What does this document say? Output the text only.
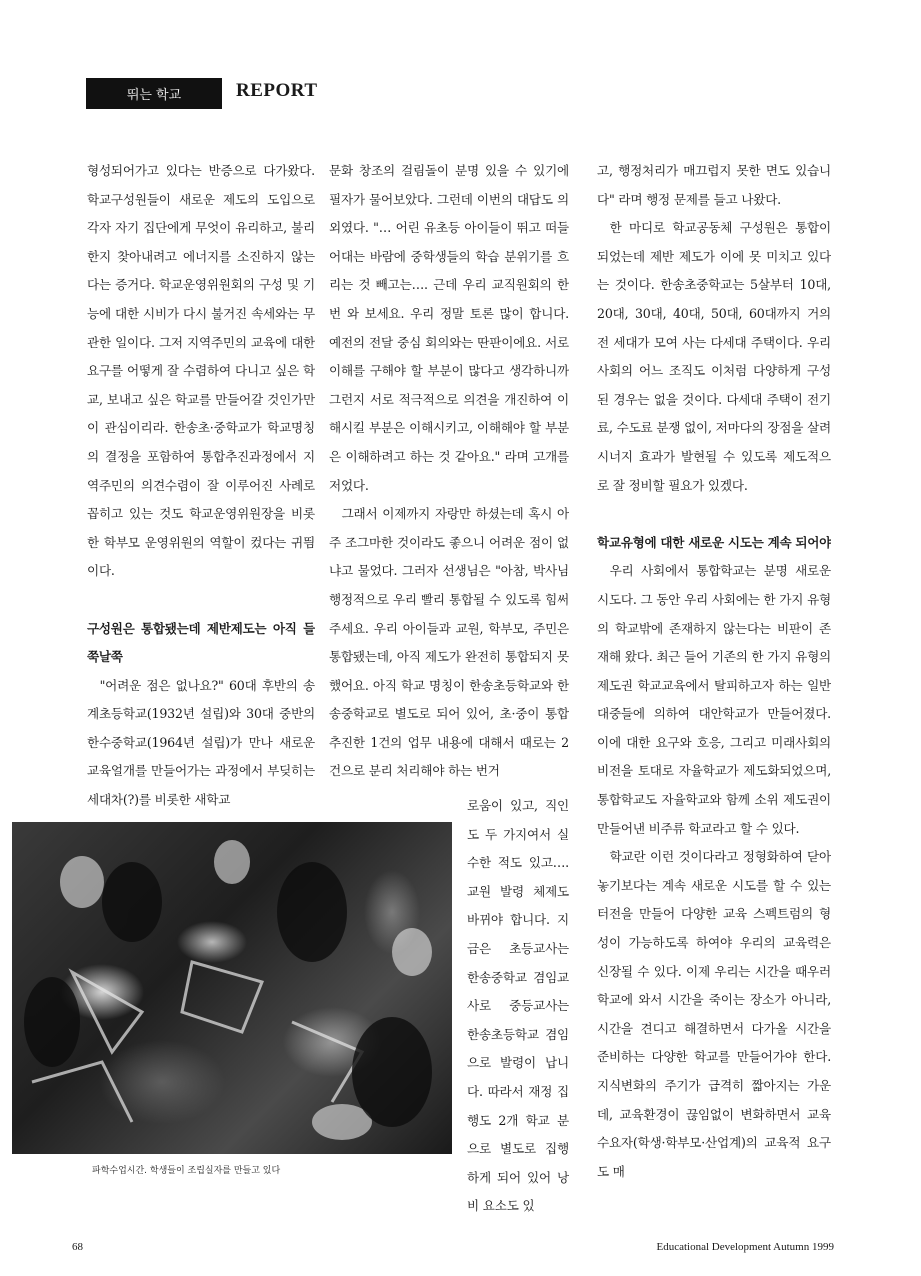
뛰는 학교	REPORT

형성되어가고 있다는 반증으로 다가왔다. 학교구성원들이 새로운 제도의 도입으로 각자 자기 집단에게 무엇이 유리하고, 불리한지 찾아내려고 에너지를 소진하지 않는다는 증거다. 학교운영위원회의 구성 및 기능에 대한 시비가 다시 불거진 속세와는 무관한 일이다. 그저 지역주민의 교육에 대한 요구를 어떻게 잘 수렴하여 다니고 싶은 학교, 보내고 싶은 학교를 만들어갈 것인가만이 관심이리라. 한송초·중학교가 학교명칭의 결정을 포함하여 통합추진과정에서 지역주민의 의견수렴이 잘 이루어진 사례로 꼽히고 있는 것도 학교운영위원장을 비롯한 학부모 운영위원의 역할이 컸다는 귀띔이다.

구성원은 통합됐는데 제반제도는 아직 들쭉날쭉

"어려운 점은 없나요?" 60대 후반의 송계초등학교(1932년 설립)와 30대 중반의 한수중학교(1964년 설립)가 만나 새로운 교육얼개를 만들어가는 과정에서 부딪히는 세대차(?)를 비롯한 새학교

문화 창조의 걸림돌이 분명 있을 수 있기에 필자가 물어보았다. 그런데 이번의 대답도 의외였다. "… 어린 유초등 아이들이 뛰고 떠들어대는 바람에 중학생들의 학습 분위기를 흐리는 것 빼고는…. 근데 우리 교직원회의 한 번 와 보세요. 우리 정말 토론 많이 합니다. 예전의 전달 중심 회의와는 딴판이에요. 서로 이해를 구해야 할 부분이 많다고 생각하니까 그런지 서로 적극적으로 의견을 개진하여 이해시킬 부분은 이해시키고, 이해해야 할 부분은 이해하려고 하는 것 같아요." 라며 고개를 저었다.

그래서 이제까지 자랑만 하셨는데 혹시 아주 조그마한 것이라도 좋으니 어려운 점이 없냐고 물었다. 그러자 선생님은 "아참, 박사님 행정적으로 우리 빨리 통합될 수 있도록 힘써 주세요. 우리 아이들과 교원, 학부모, 주민은 통합됐는데, 아직 제도가 완전히 통합되지 못했어요. 아직 학교 명칭이 한송초등학교와 한송중학교로 별도로 되어 있어, 초·중이 통합 추진한 1건의 업무 내용에 대해서 때로는 2건으로 분리 처리해야 하는 번거

로움이 있고, 직인도 두 가지여서 실수한 적도 있고…. 교원 발령 체제도 바뀌야 합니다. 지금은 초등교사는 한송중학교 겸임교사로 중등교사는 한송초등학교 겸임으로 발령이 납니다. 따라서 재정 집행도 2개 학교 분으로 별도로 집행하게 되어 있어 낭비 요소도 있

고, 행정처리가 매끄럽지 못한 면도 있습니다" 라며 행정 문제를 들고 나왔다.

한 마디로 학교공동체 구성원은 통합이 되었는데 제반 제도가 이에 못 미치고 있다는 것이다. 한송초중학교는 5살부터 10대, 20대, 30대, 40대, 50대, 60대까지 거의 전 세대가 모여 사는 다세대 주택이다. 우리 사회의 어느 조직도 이처럼 다양하게 구성된 경우는 없을 것이다. 다세대 주택이 전기료, 수도료 분쟁 없이, 저마다의 장점을 살려 시너지 효과가 발현될 수 있도록 제도적으로 잘 정비할 필요가 있겠다.

학교유형에 대한 새로운 시도는 계속 되어야

우리 사회에서 통합학교는 분명 새로운 시도다. 그 동안 우리 사회에는 한 가지 유형의 학교밖에 존재하지 않는다는 비판이 존재해 왔다. 최근 들어 기존의 한 가지 유형의 제도권 학교교육에서 탈피하고자 하는 일반 대중들에 의하여 대안학교가 만들어졌다. 이에 대한 요구와 호응, 그리고 미래사회의 비전을 토대로 자율학교가 제도화되었으며, 통합학교도 자율학교와 함께 소위 제도권이 만들어낸 비주류 학교라고 할 수 있다.

학교란 이런 것이다라고 정형화하여 닫아놓기보다는 계속 새로운 시도를 할 수 있는 터전을 만들어 다양한 교육 스펙트럼의 형성이 가능하도록 하여야 우리의 교육력은 신장될 수 있다. 이제 우리는 시간을 때우러 학교에 와서 시간을 죽이는 장소가 아니라, 시간을 견디고 해결하면서 다가올 시간을 준비하는 다양한 학교를 만들어가야 한다. 지식변화의 주기가 급격히 짧아지는 가운데, 교육환경이 끊임없이 변화하면서 교육수요자(학생·학부모·산업계)의 교육적 요구도 매

파학수업시간. 학생들이 조립실자를 만들고 있다
68	Educational Development Autumn 1999
